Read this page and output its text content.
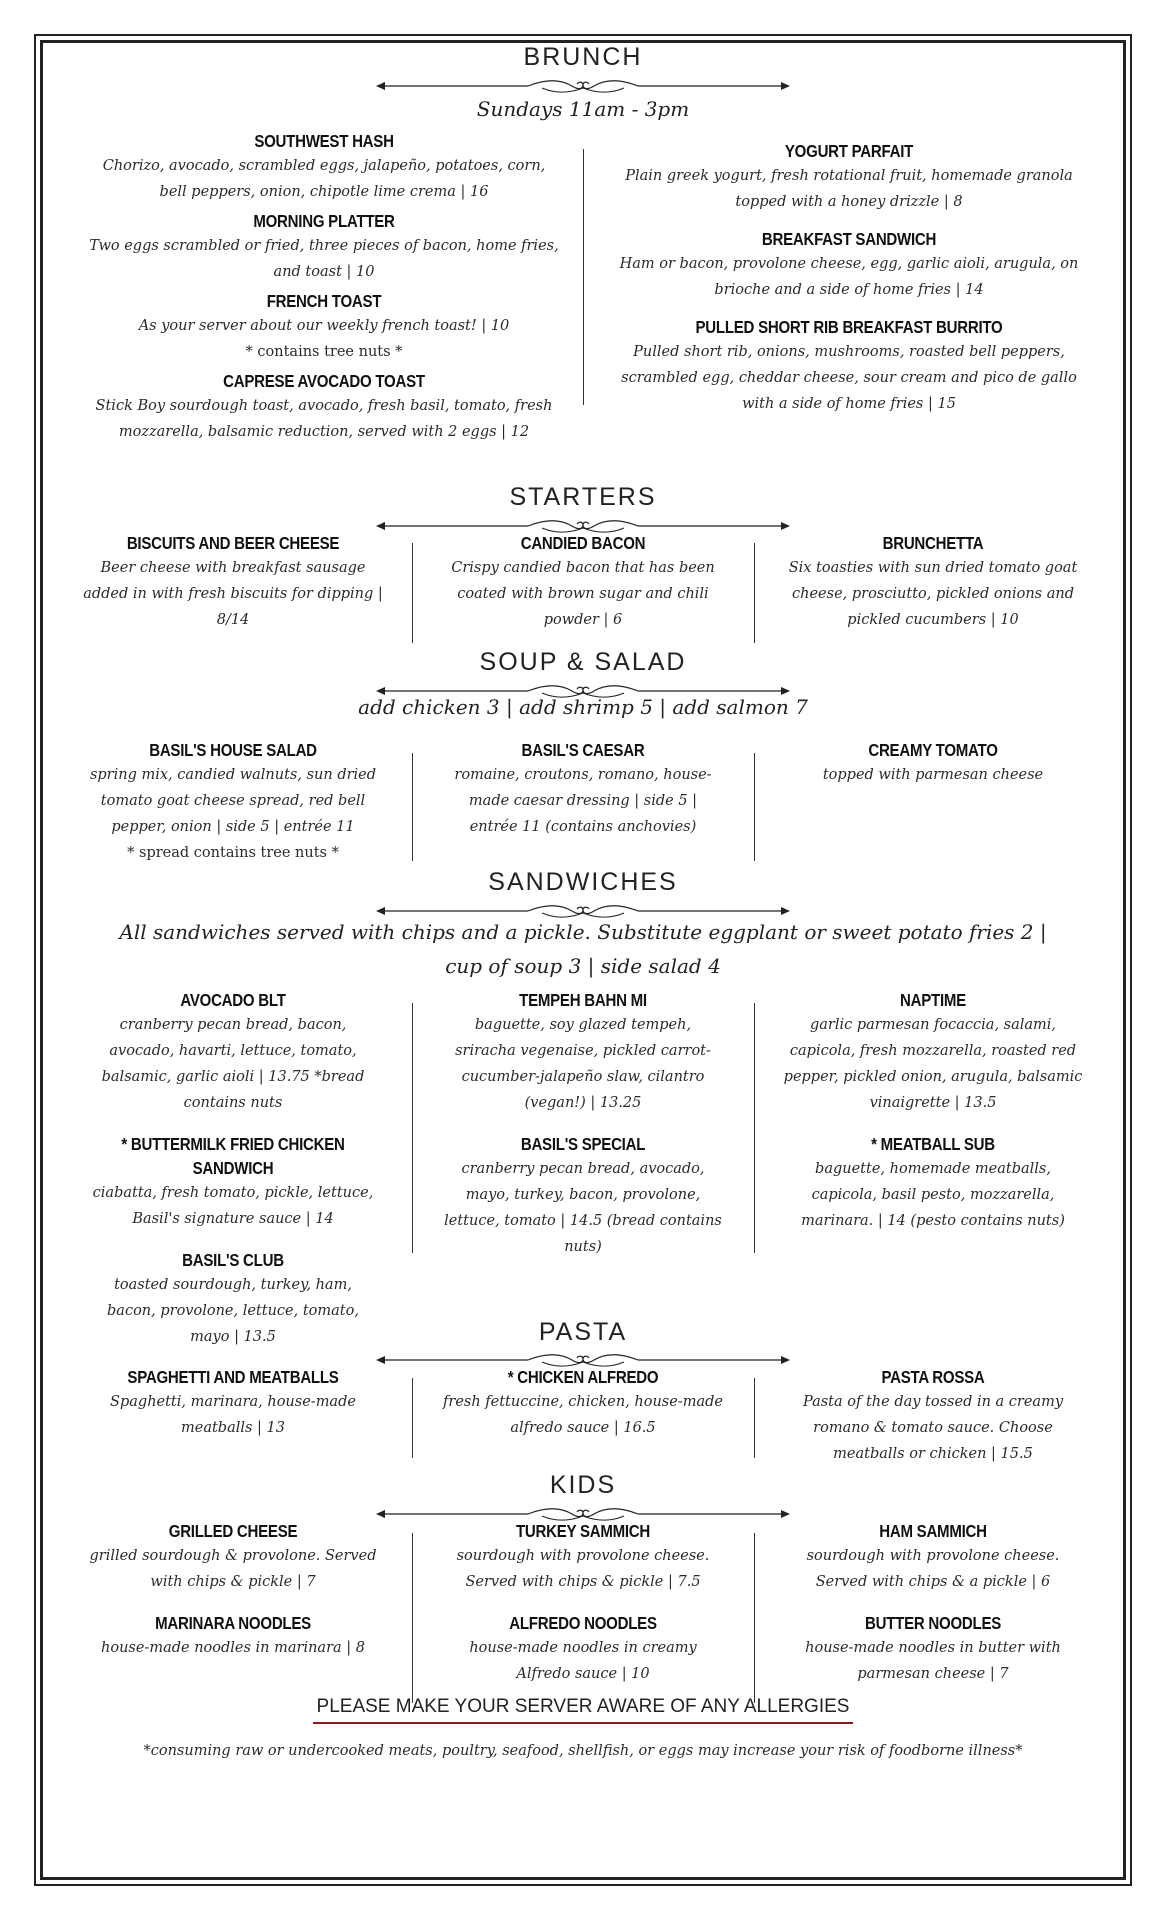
BRUNCH
Sundays 11am - 3pm
SOUTHWEST HASH
Chorizo, avocado, scrambled eggs, jalapeño, potatoes, corn, bell peppers, onion, chipotle lime crema | 16
MORNING PLATTER
Two eggs scrambled or fried, three pieces of bacon, home fries, and toast | 10
FRENCH TOAST
As your server about our weekly french toast! | 10
* contains tree nuts *
CAPRESE AVOCADO TOAST
Stick Boy sourdough toast, avocado, fresh basil, tomato, fresh mozzarella, balsamic reduction, served with 2 eggs | 12
YOGURT PARFAIT
Plain greek yogurt, fresh rotational fruit, homemade granola topped with a honey drizzle | 8
BREAKFAST SANDWICH
Ham or bacon, provolone cheese, egg, garlic aioli, arugula, on brioche and a side of home fries | 14
PULLED SHORT RIB BREAKFAST BURRITO
Pulled short rib, onions, mushrooms, roasted bell peppers, scrambled egg, cheddar cheese, sour cream and pico de gallo with a side of home fries | 15
STARTERS
BISCUITS AND BEER CHEESE
Beer cheese with breakfast sausage added in with fresh biscuits for dipping | 8/14
CANDIED BACON
Crispy candied bacon that has been coated with brown sugar and chili powder | 6
BRUNCHETTA
Six toasties with sun dried tomato goat cheese, prosciutto, pickled onions and pickled cucumbers | 10
SOUP & SALAD
add chicken 3 | add shrimp 5 | add salmon 7
BASIL'S HOUSE SALAD
spring mix, candied walnuts, sun dried tomato goat cheese spread, red bell pepper, onion | side 5 | entrée 11
* spread contains tree nuts *
BASIL'S CAESAR
romaine, croutons, romano, house-made caesar dressing | side 5 | entrée 11 (contains anchovies)
CREAMY TOMATO
topped with parmesan cheese
SANDWICHES
All sandwiches served with chips and a pickle. Substitute eggplant or sweet potato fries 2 | cup of soup 3 | side salad 4
AVOCADO BLT
cranberry pecan bread, bacon, avocado, havarti, lettuce, tomato, balsamic, garlic aioli | 13.75 *bread contains nuts
* BUTTERMILK FRIED CHICKEN SANDWICH
ciabatta, fresh tomato, pickle, lettuce, Basil's signature sauce | 14
BASIL'S CLUB
toasted sourdough, turkey, ham, bacon, provolone, lettuce, tomato, mayo | 13.5
TEMPEH BAHN MI
baguette, soy glazed tempeh, sriracha vegenaise, pickled carrot-cucumber-jalapeño slaw, cilantro (vegan!) | 13.25
BASIL'S SPECIAL
cranberry pecan bread, avocado, mayo, turkey, bacon, provolone, lettuce, tomato | 14.5 (bread contains nuts)
NAPTIME
garlic parmesan focaccia, salami, capicola, fresh mozzarella, roasted red pepper, pickled onion, arugula, balsamic vinaigrette | 13.5
* MEATBALL SUB
baguette, homemade meatballs, capicola, basil pesto, mozzarella, marinara. | 14 (pesto contains nuts)
PASTA
SPAGHETTI AND MEATBALLS
Spaghetti, marinara, house-made meatballs | 13
* CHICKEN ALFREDO
fresh fettuccine, chicken, house-made alfredo sauce | 16.5
PASTA ROSSA
Pasta of the day tossed in a creamy romano & tomato sauce. Choose meatballs or chicken | 15.5
KIDS
GRILLED CHEESE
grilled sourdough & provolone. Served with chips & pickle | 7
MARINARA NOODLES
house-made noodles in marinara | 8
TURKEY SAMMICH
sourdough with provolone cheese. Served with chips & pickle | 7.5
ALFREDO NOODLES
house-made noodles in creamy Alfredo sauce | 10
HAM SAMMICH
sourdough with provolone cheese. Served with chips & a pickle | 6
BUTTER NOODLES
house-made noodles in butter with parmesan cheese | 7
PLEASE MAKE YOUR SERVER AWARE OF ANY ALLERGIES
*consuming raw or undercooked meats, poultry, seafood, shellfish, or eggs may increase your risk of foodborne illness*
